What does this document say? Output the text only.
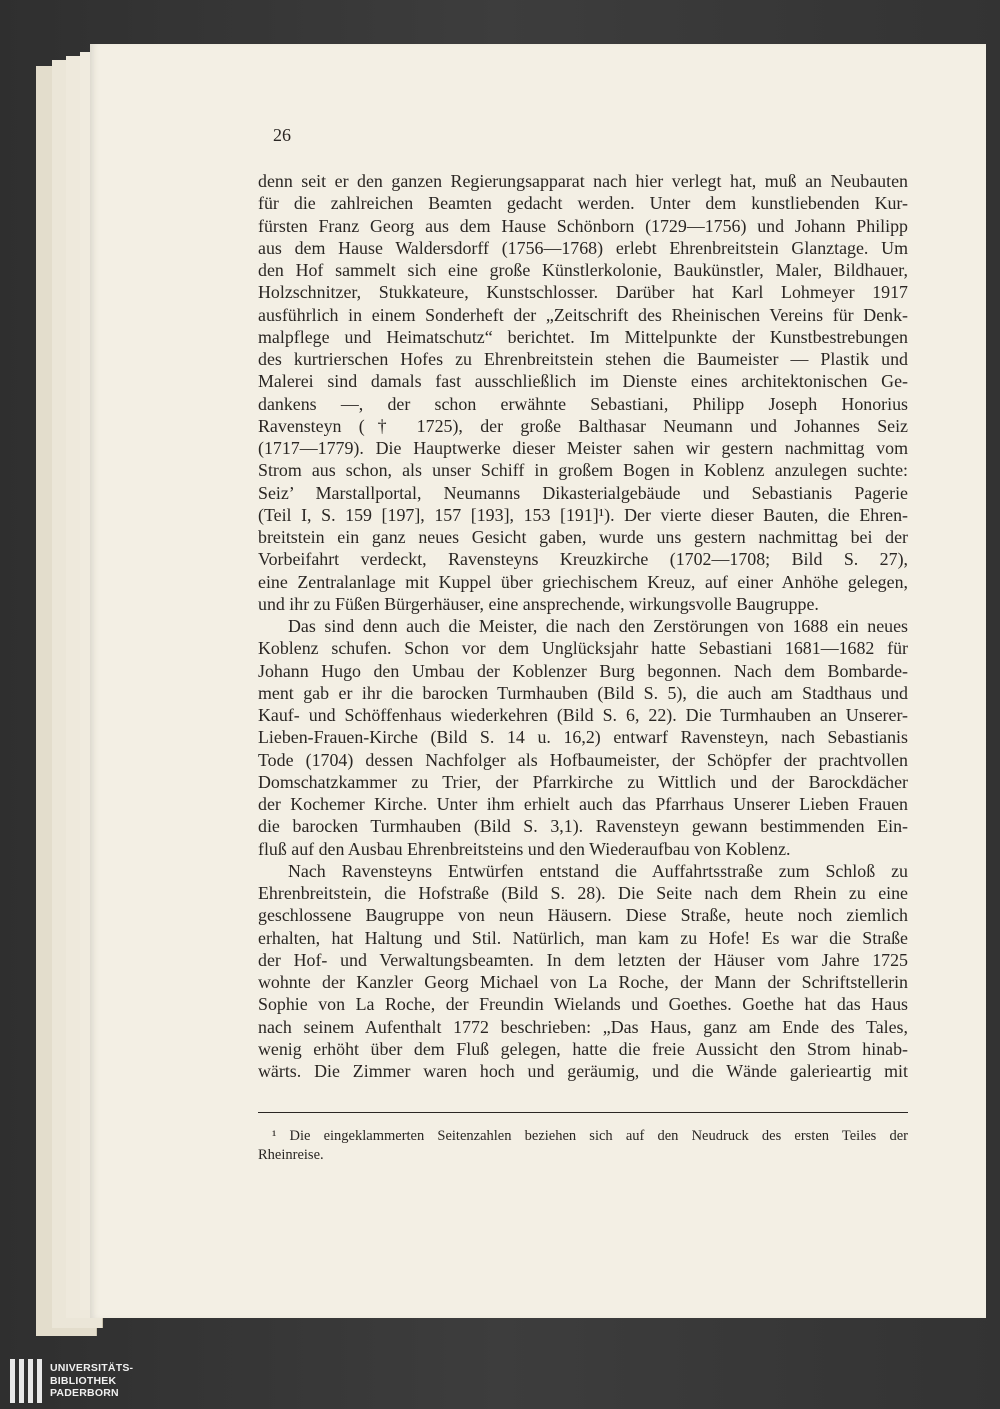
26
denn seit er den ganzen Regierungsapparat nach hier verlegt hat, muß an Neubauten
für die zahlreichen Beamten gedacht werden. Unter dem kunstliebenden Kur-
fürsten Franz Georg aus dem Hause Schönborn (1729—1756) und Johann Philipp
aus dem Hause Waldersdorff (1756—1768) erlebt Ehrenbreitstein Glanztage. Um
den Hof sammelt sich eine große Künstlerkolonie, Baukünstler, Maler, Bildhauer,
Holzschnitzer, Stukkateure, Kunstschlosser. Darüber hat Karl Lohmeyer 1917
ausführlich in einem Sonderheft der „Zeitschrift des Rheinischen Vereins für Denk-
malpflege und Heimatschutz“ berichtet. Im Mittelpunkte der Kunstbestrebungen
des kurtrierschen Hofes zu Ehrenbreitstein stehen die Baumeister — Plastik und
Malerei sind damals fast ausschließlich im Dienste eines architektonischen Ge-
dankens —, der schon erwähnte Sebastiani, Philipp Joseph Honorius
Ravensteyn († 1725), der große Balthasar Neumann und Johannes Seiz
(1717—1779). Die Hauptwerke dieser Meister sahen wir gestern nachmittag vom
Strom aus schon, als unser Schiff in großem Bogen in Koblenz anzulegen suchte:
Seiz’ Marstallportal, Neumanns Dikasterialgebäude und Sebastianis Pagerie
(Teil I, S. 159 [197], 157 [193], 153 [191]¹). Der vierte dieser Bauten, die Ehren-
breitstein ein ganz neues Gesicht gaben, wurde uns gestern nachmittag bei der
Vorbeifahrt verdeckt, Ravensteyns Kreuzkirche (1702—1708; Bild S. 27),
eine Zentralanlage mit Kuppel über griechischem Kreuz, auf einer Anhöhe gelegen,
und ihr zu Füßen Bürgerhäuser, eine ansprechende, wirkungsvolle Baugruppe.
Das sind denn auch die Meister, die nach den Zerstörungen von 1688 ein neues
Koblenz schufen. Schon vor dem Unglücksjahr hatte Sebastiani 1681—1682 für
Johann Hugo den Umbau der Koblenzer Burg begonnen. Nach dem Bombarde-
ment gab er ihr die barocken Turmhauben (Bild S. 5), die auch am Stadthaus und
Kauf- und Schöffenhaus wiederkehren (Bild S. 6, 22). Die Turmhauben an Unserer-
Lieben-Frauen-Kirche (Bild S. 14 u. 16,2) entwarf Ravensteyn, nach Sebastianis
Tode (1704) dessen Nachfolger als Hofbaumeister, der Schöpfer der prachtvollen
Domschatzkammer zu Trier, der Pfarrkirche zu Wittlich und der Barockdächer
der Kochemer Kirche. Unter ihm erhielt auch das Pfarrhaus Unserer Lieben Frauen
die barocken Turmhauben (Bild S. 3,1). Ravensteyn gewann bestimmenden Ein-
fluß auf den Ausbau Ehrenbreitsteins und den Wiederaufbau von Koblenz.
Nach Ravensteyns Entwürfen entstand die Auffahrtsstraße zum Schloß zu
Ehrenbreitstein, die Hofstraße (Bild S. 28). Die Seite nach dem Rhein zu eine
geschlossene Baugruppe von neun Häusern. Diese Straße, heute noch ziemlich
erhalten, hat Haltung und Stil. Natürlich, man kam zu Hofe! Es war die Straße
der Hof- und Verwaltungsbeamten. In dem letzten der Häuser vom Jahre 1725
wohnte der Kanzler Georg Michael von La Roche, der Mann der Schriftstellerin
Sophie von La Roche, der Freundin Wielands und Goethes. Goethe hat das Haus
nach seinem Aufenthalt 1772 beschrieben: „Das Haus, ganz am Ende des Tales,
wenig erhöht über dem Fluß gelegen, hatte die freie Aussicht den Strom hinab-
wärts. Die Zimmer waren hoch und geräumig, und die Wände galerieartig mit
¹ Die eingeklammerten Seitenzahlen beziehen sich auf den Neudruck des ersten Teiles der
Rheinreise.
UNIVERSITÄTS-
BIBLIOTHEK
PADERBORN
